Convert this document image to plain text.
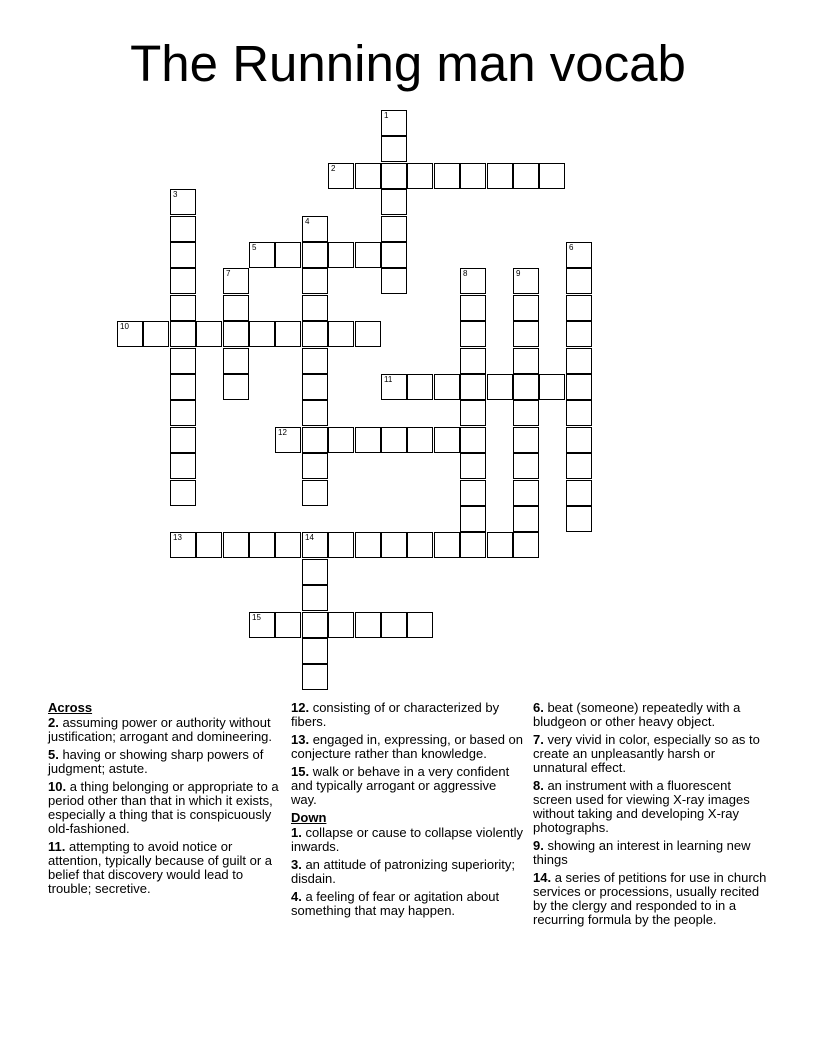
The Running man vocab
1
2
3
4
5	6
7	8	9
10
11
12
13	14
15
Across
2. assuming power or authority without justification; arrogant and domineering.
5. having or showing sharp powers of judgment; astute.
10. a thing belonging or appropriate to a period other than that in which it exists, especially a thing that is conspicuously old-fashioned.
11. attempting to avoid notice or attention, typically because of guilt or a belief that discovery would lead to trouble; secretive.
12. consisting of or characterized by fibers.
13. engaged in, expressing, or based on conjecture rather than knowledge.
15. walk or behave in a very confident and typically arrogant or aggressive way.
Down
1. collapse or cause to collapse violently inwards.
3. an attitude of patronizing superiority; disdain.
4. a feeling of fear or agitation about something that may happen.
6. beat (someone) repeatedly with a bludgeon or other heavy object.
7. very vivid in color, especially so as to create an unpleasantly harsh or unnatural effect.
8. an instrument with a fluorescent screen used for viewing X-ray images without taking and developing X-ray photographs.
9. showing an interest in learning new things
14. a series of petitions for use in church services or processions, usually recited by the clergy and responded to in a recurring formula by the people.
